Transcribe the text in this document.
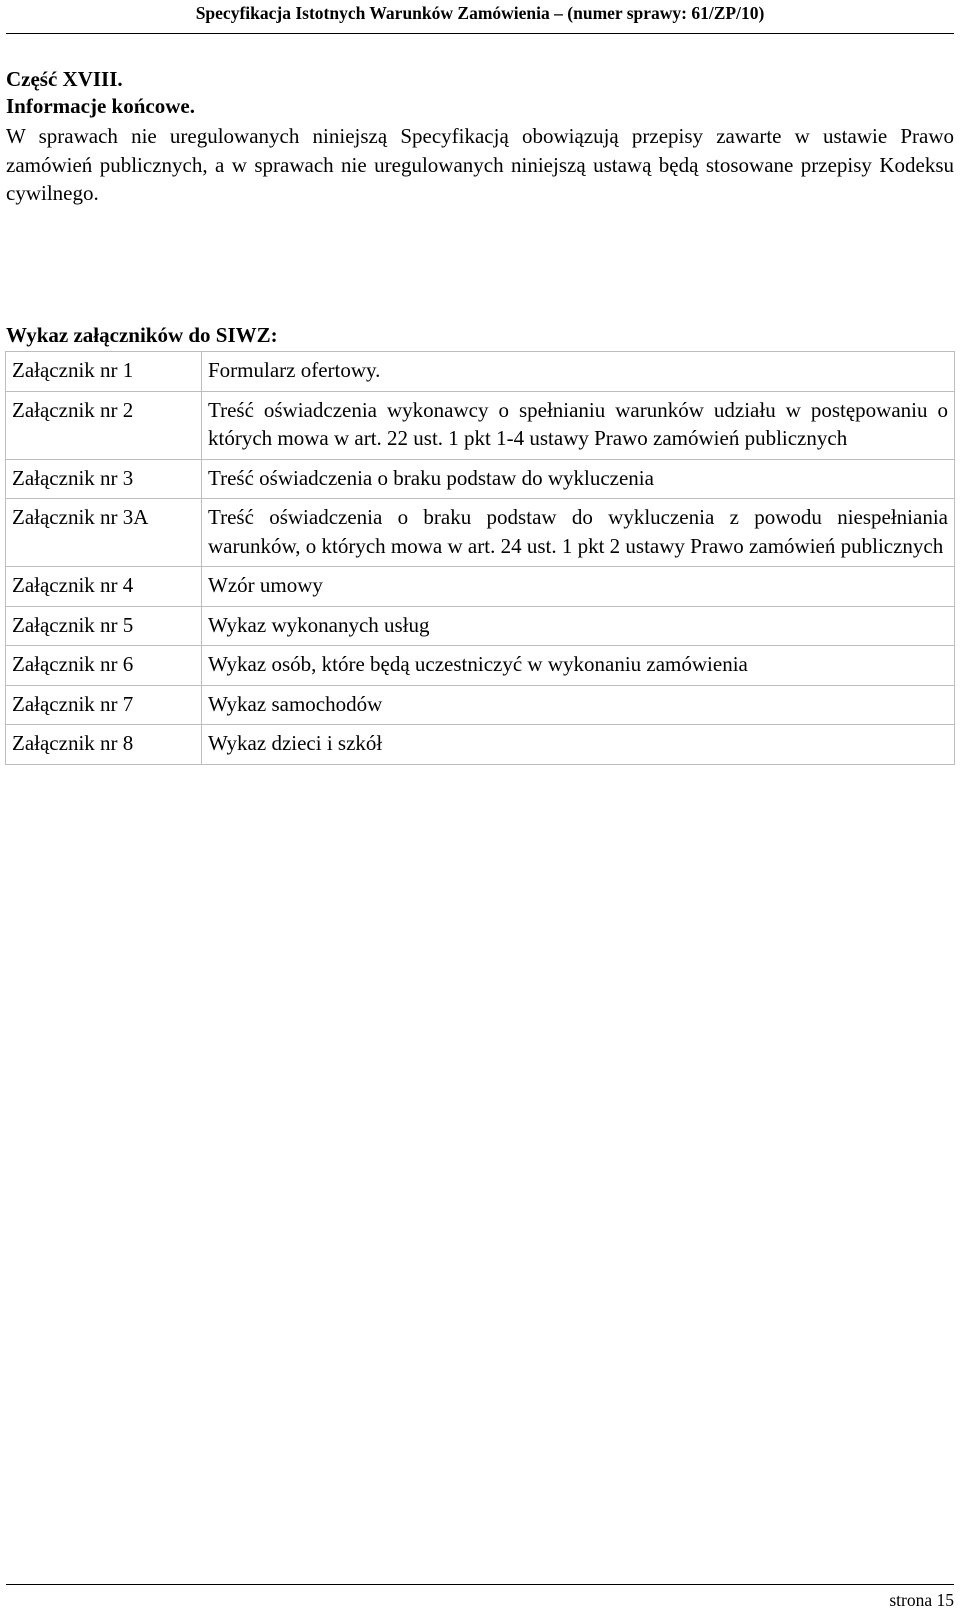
Specyfikacja Istotnych Warunków Zamówienia – (numer sprawy: 61/ZP/10)
Część XVIII.
Informacje końcowe.

W sprawach nie uregulowanych niniejszą Specyfikacją obowiązują przepisy zawarte w ustawie Prawo zamówień publicznych, a w sprawach nie uregulowanych niniejszą ustawą będą stosowane przepisy Kodeksu cywilnego.

Wykaz załączników do SIWZ:
Załącznik nr 1	Formularz ofertowy.
Załącznik nr 2	Treść oświadczenia wykonawcy o spełnianiu warunków udziału w postępowaniu o których mowa w art. 22 ust. 1 pkt 1-4 ustawy Prawo zamówień publicznych
Załącznik nr 3	Treść oświadczenia o braku podstaw do wykluczenia
Załącznik nr 3A	Treść oświadczenia o braku podstaw do wykluczenia z powodu niespełniania warunków, o których mowa w art. 24 ust. 1 pkt 2 ustawy Prawo zamówień publicznych
Załącznik nr 4	Wzór umowy
Załącznik nr 5	Wykaz wykonanych usług
Załącznik nr 6	Wykaz osób, które będą uczestniczyć w wykonaniu zamówienia
Załącznik nr 7	Wykaz samochodów
Załącznik nr 8	Wykaz dzieci i szkół
strona 15
